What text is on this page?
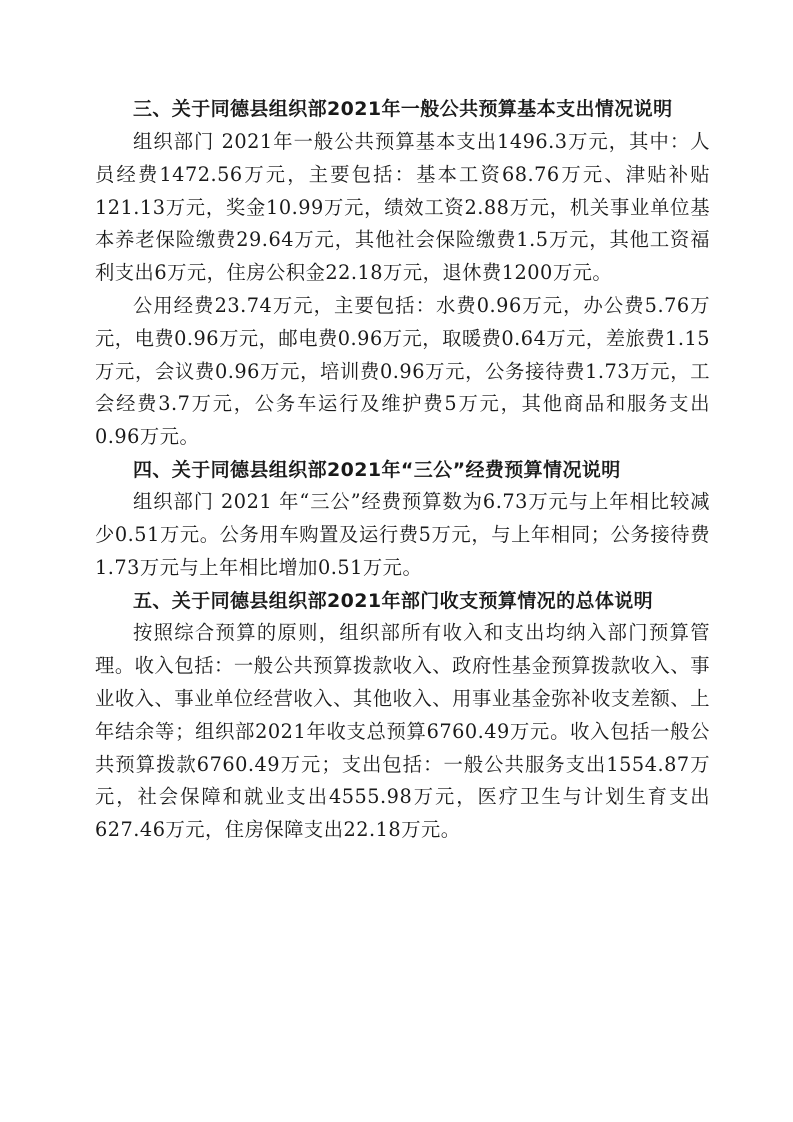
三、关于同德县组织部2021年一般公共预算基本支出情况说明

组织部门 2021年一般公共预算基本支出1496.3万元，其中：人员经费1472.56万元，主要包括：基本工资68.76万元、津贴补贴121.13万元，奖金10.99万元，绩效工资2.88万元，机关事业单位基本养老保险缴费29.64万元，其他社会保险缴费1.5万元，其他工资福利支出6万元，住房公积金22.18万元，退休费1200万元。

公用经费23.74万元，主要包括：水费0.96万元，办公费5.76万元，电费0.96万元，邮电费0.96万元，取暖费0.64万元，差旅费1.15万元，会议费0.96万元，培训费0.96万元，公务接待费1.73万元，工会经费3.7万元，公务车运行及维护费5万元，其他商品和服务支出0.96万元。

四、关于同德县组织部2021年“三公”经费预算情况说明

组织部门 2021 年“三公”经费预算数为6.73万元与上年相比较减少0.51万元。公务用车购置及运行费5万元，与上年相同；公务接待费1.73万元与上年相比增加0.51万元。

五、关于同德县组织部2021年部门收支预算情况的总体说明

按照综合预算的原则，组织部所有收入和支出均纳入部门预算管理。收入包括：一般公共预算拨款收入、政府性基金预算拨款收入、事业收入、事业单位经营收入、其他收入、用事业基金弥补收支差额、上年结余等；组织部2021年收支总预算6760.49万元。收入包括一般公共预算拨款6760.49万元；支出包括：一般公共服务支出1554.87万元，社会保障和就业支出4555.98万元，医疗卫生与计划生育支出627.46万元，住房保障支出22.18万元。
